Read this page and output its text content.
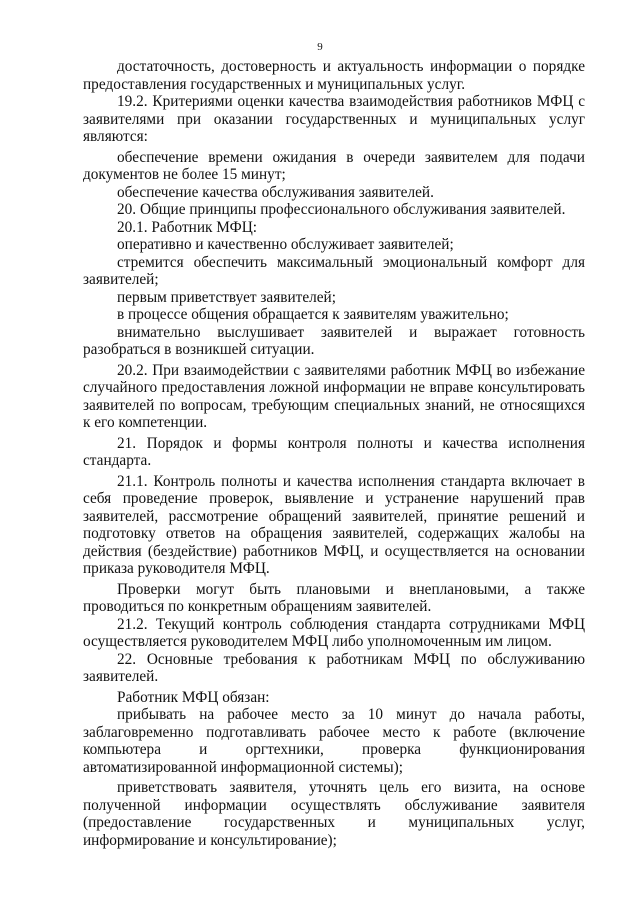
9

достаточность, достоверность и актуальность информации о порядке предоставления государственных и муниципальных услуг.

19.2. Критериями оценки качества взаимодействия работников МФЦ с заявителями при оказании государственных и муниципальных услуг являются:

обеспечение времени ожидания в очереди заявителем для подачи документов не более 15 минут;

обеспечение качества обслуживания заявителей.

20. Общие принципы профессионального обслуживания заявителей.

20.1. Работник МФЦ:

оперативно и качественно обслуживает заявителей;

стремится обеспечить максимальный эмоциональный комфорт для заявителей;

первым приветствует заявителей;

в процессе общения обращается к заявителям уважительно;

внимательно выслушивает заявителей и выражает готовность разобраться в возникшей ситуации.

20.2. При взаимодействии с заявителями работник МФЦ во избежание случайного предоставления ложной информации не вправе консультировать заявителей по вопросам, требующим специальных знаний, не относящихся к его компетенции.

21. Порядок и формы контроля полноты и качества исполнения стандарта.

21.1. Контроль полноты и качества исполнения стандарта включает в себя проведение проверок, выявление и устранение нарушений прав заявителей, рассмотрение обращений заявителей, принятие решений и подготовку ответов на обращения заявителей, содержащих жалобы на действия (бездействие) работников МФЦ, и осуществляется на основании приказа руководителя МФЦ.

Проверки могут быть плановыми и внеплановыми, а также проводиться по конкретным обращениям заявителей.

21.2. Текущий контроль соблюдения стандарта сотрудниками МФЦ осуществляется руководителем МФЦ либо уполномоченным им лицом.

22. Основные требования к работникам МФЦ по обслуживанию заявителей.

Работник МФЦ обязан:

прибывать на рабочее место за 10 минут до начала работы, заблаговременно подготавливать рабочее место к работе (включение компьютера и оргтехники, проверка функционирования автоматизированной информационной системы);

приветствовать заявителя, уточнять цель его визита, на основе полученной информации осуществлять обслуживание заявителя (предоставление государственных и муниципальных услуг, информирование и консультирование);
